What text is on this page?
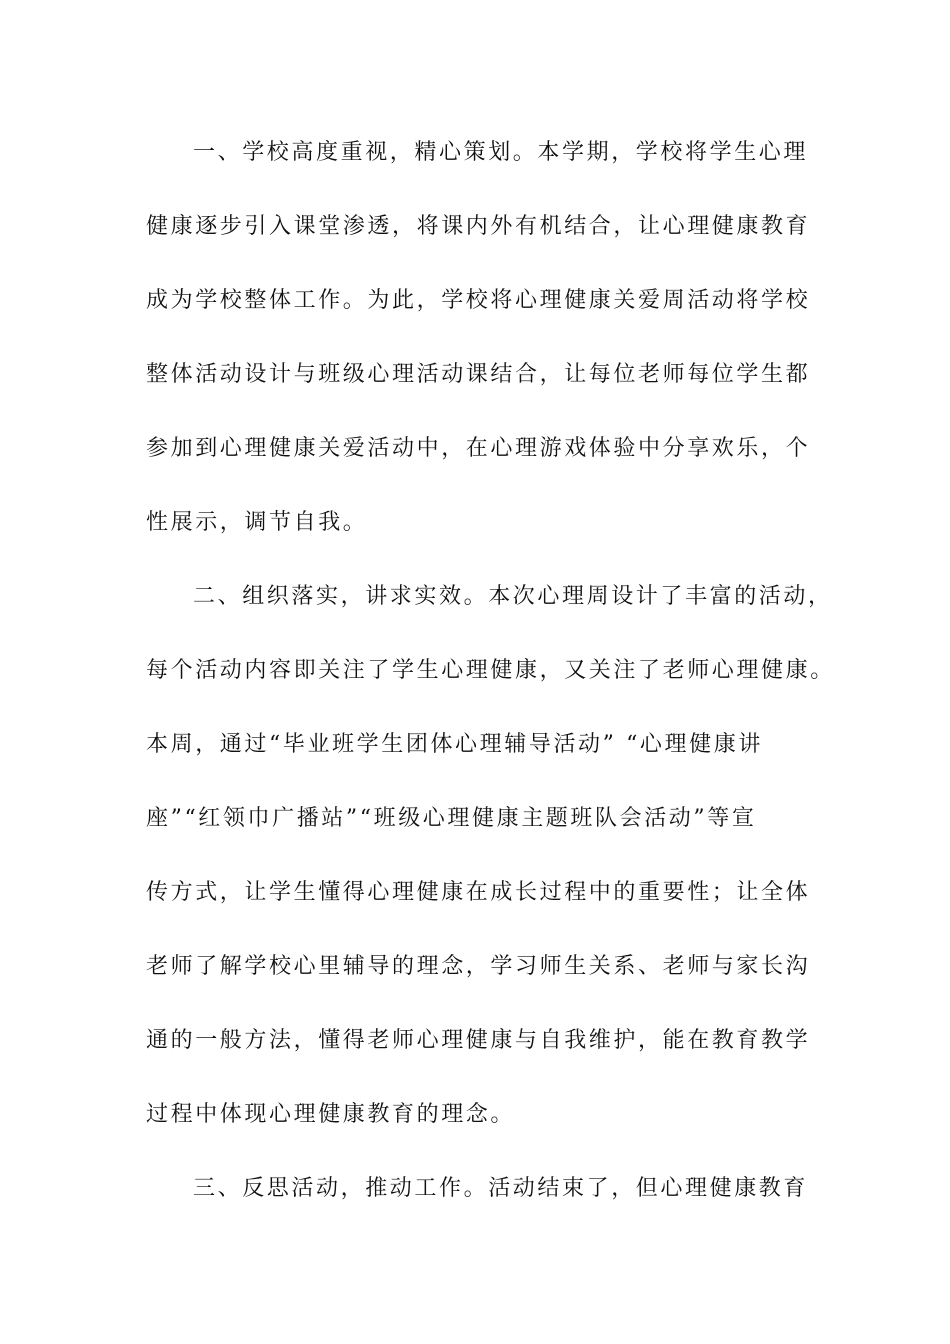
一、学校高度重视，精心策划。本学期，学校将学生心理
健康逐步引入课堂渗透，将课内外有机结合，让心理健康教育
成为学校整体工作。为此，学校将心理健康关爱周活动将学校
整体活动设计与班级心理活动课结合，让每位老师每位学生都
参加到心理健康关爱活动中，在心理游戏体验中分享欢乐，个
性展示，调节自我。
二、组织落实，讲求实效。本次心理周设计了丰富的活动，
每个活动内容即关注了学生心理健康，又关注了老师心理健康。
本周，通过“毕业班学生团体心理辅导活动” “心理健康讲
座”“红领巾广播站”“班级心理健康主题班队会活动”等宣
传方式，让学生懂得心理健康在成长过程中的重要性；让全体
老师了解学校心里辅导的理念，学习师生关系、老师与家长沟
通的一般方法，懂得老师心理健康与自我维护，能在教育教学
过程中体现心理健康教育的理念。
三、反思活动，推动工作。活动结束了，但心理健康教育
